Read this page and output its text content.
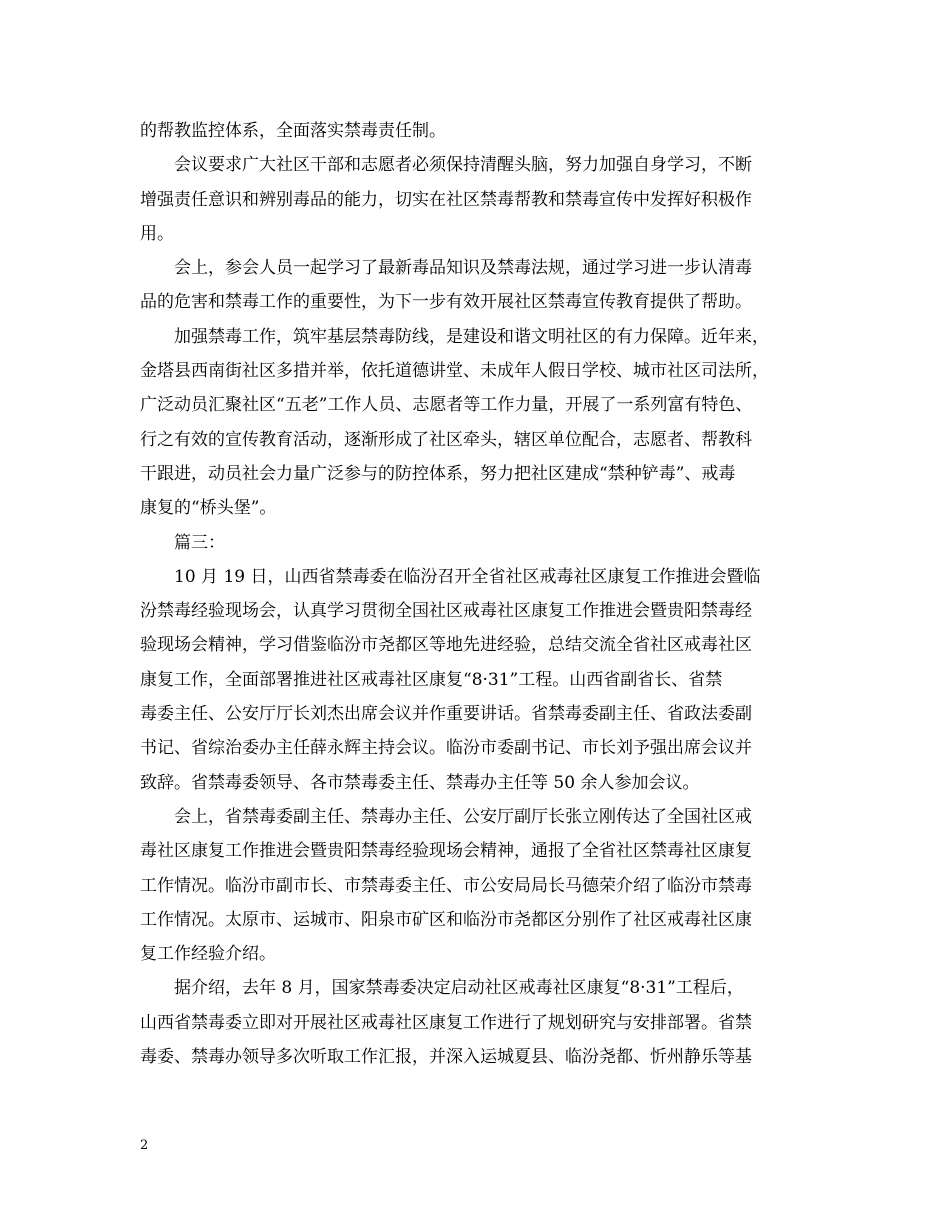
的帮教监控体系，全面落实禁毒责任制。

会议要求广大社区干部和志愿者必须保持清醒头脑，努力加强自身学习，不断
增强责任意识和辨别毒品的能力，切实在社区禁毒帮教和禁毒宣传中发挥好积极作
用。

会上，参会人员一起学习了最新毒品知识及禁毒法规，通过学习进一步认清毒
品的危害和禁毒工作的重要性，为下一步有效开展社区禁毒宣传教育提供了帮助。

加强禁毒工作，筑牢基层禁毒防线，是建设和谐文明社区的有力保障。近年来，
金塔县西南街社区多措并举，依托道德讲堂、未成年人假日学校、城市社区司法所，
广泛动员汇聚社区“五老”工作人员、志愿者等工作力量，开展了一系列富有特色、
行之有效的宣传教育活动，逐渐形成了社区牵头，辖区单位配合，志愿者、帮教科
干跟进，动员社会力量广泛参与的防控体系，努力把社区建成“禁种铲毒”、戒毒
康复的“桥头堡”。

篇三：

10 月 19 日，山西省禁毒委在临汾召开全省社区戒毒社区康复工作推进会暨临
汾禁毒经验现场会，认真学习贯彻全国社区戒毒社区康复工作推进会暨贵阳禁毒经
验现场会精神，学习借鉴临汾市尧都区等地先进经验，总结交流全省社区戒毒社区
康复工作，全面部署推进社区戒毒社区康复“8·31”工程。山西省副省长、省禁
毒委主任、公安厅厅长刘杰出席会议并作重要讲话。省禁毒委副主任、省政法委副
书记、省综治委办主任薛永辉主持会议。临汾市委副书记、市长刘予强出席会议并
致辞。省禁毒委领导、各市禁毒委主任、禁毒办主任等 50 余人参加会议。

会上，省禁毒委副主任、禁毒办主任、公安厅副厅长张立刚传达了全国社区戒
毒社区康复工作推进会暨贵阳禁毒经验现场会精神，通报了全省社区禁毒社区康复
工作情况。临汾市副市长、市禁毒委主任、市公安局局长马德荣介绍了临汾市禁毒
工作情况。太原市、运城市、阳泉市矿区和临汾市尧都区分别作了社区戒毒社区康
复工作经验介绍。

据介绍，去年 8 月，国家禁毒委决定启动社区戒毒社区康复“8·31”工程后，
山西省禁毒委立即对开展社区戒毒社区康复工作进行了规划研究与安排部署。省禁
毒委、禁毒办领导多次听取工作汇报，并深入运城夏县、临汾尧都、忻州静乐等基

2
